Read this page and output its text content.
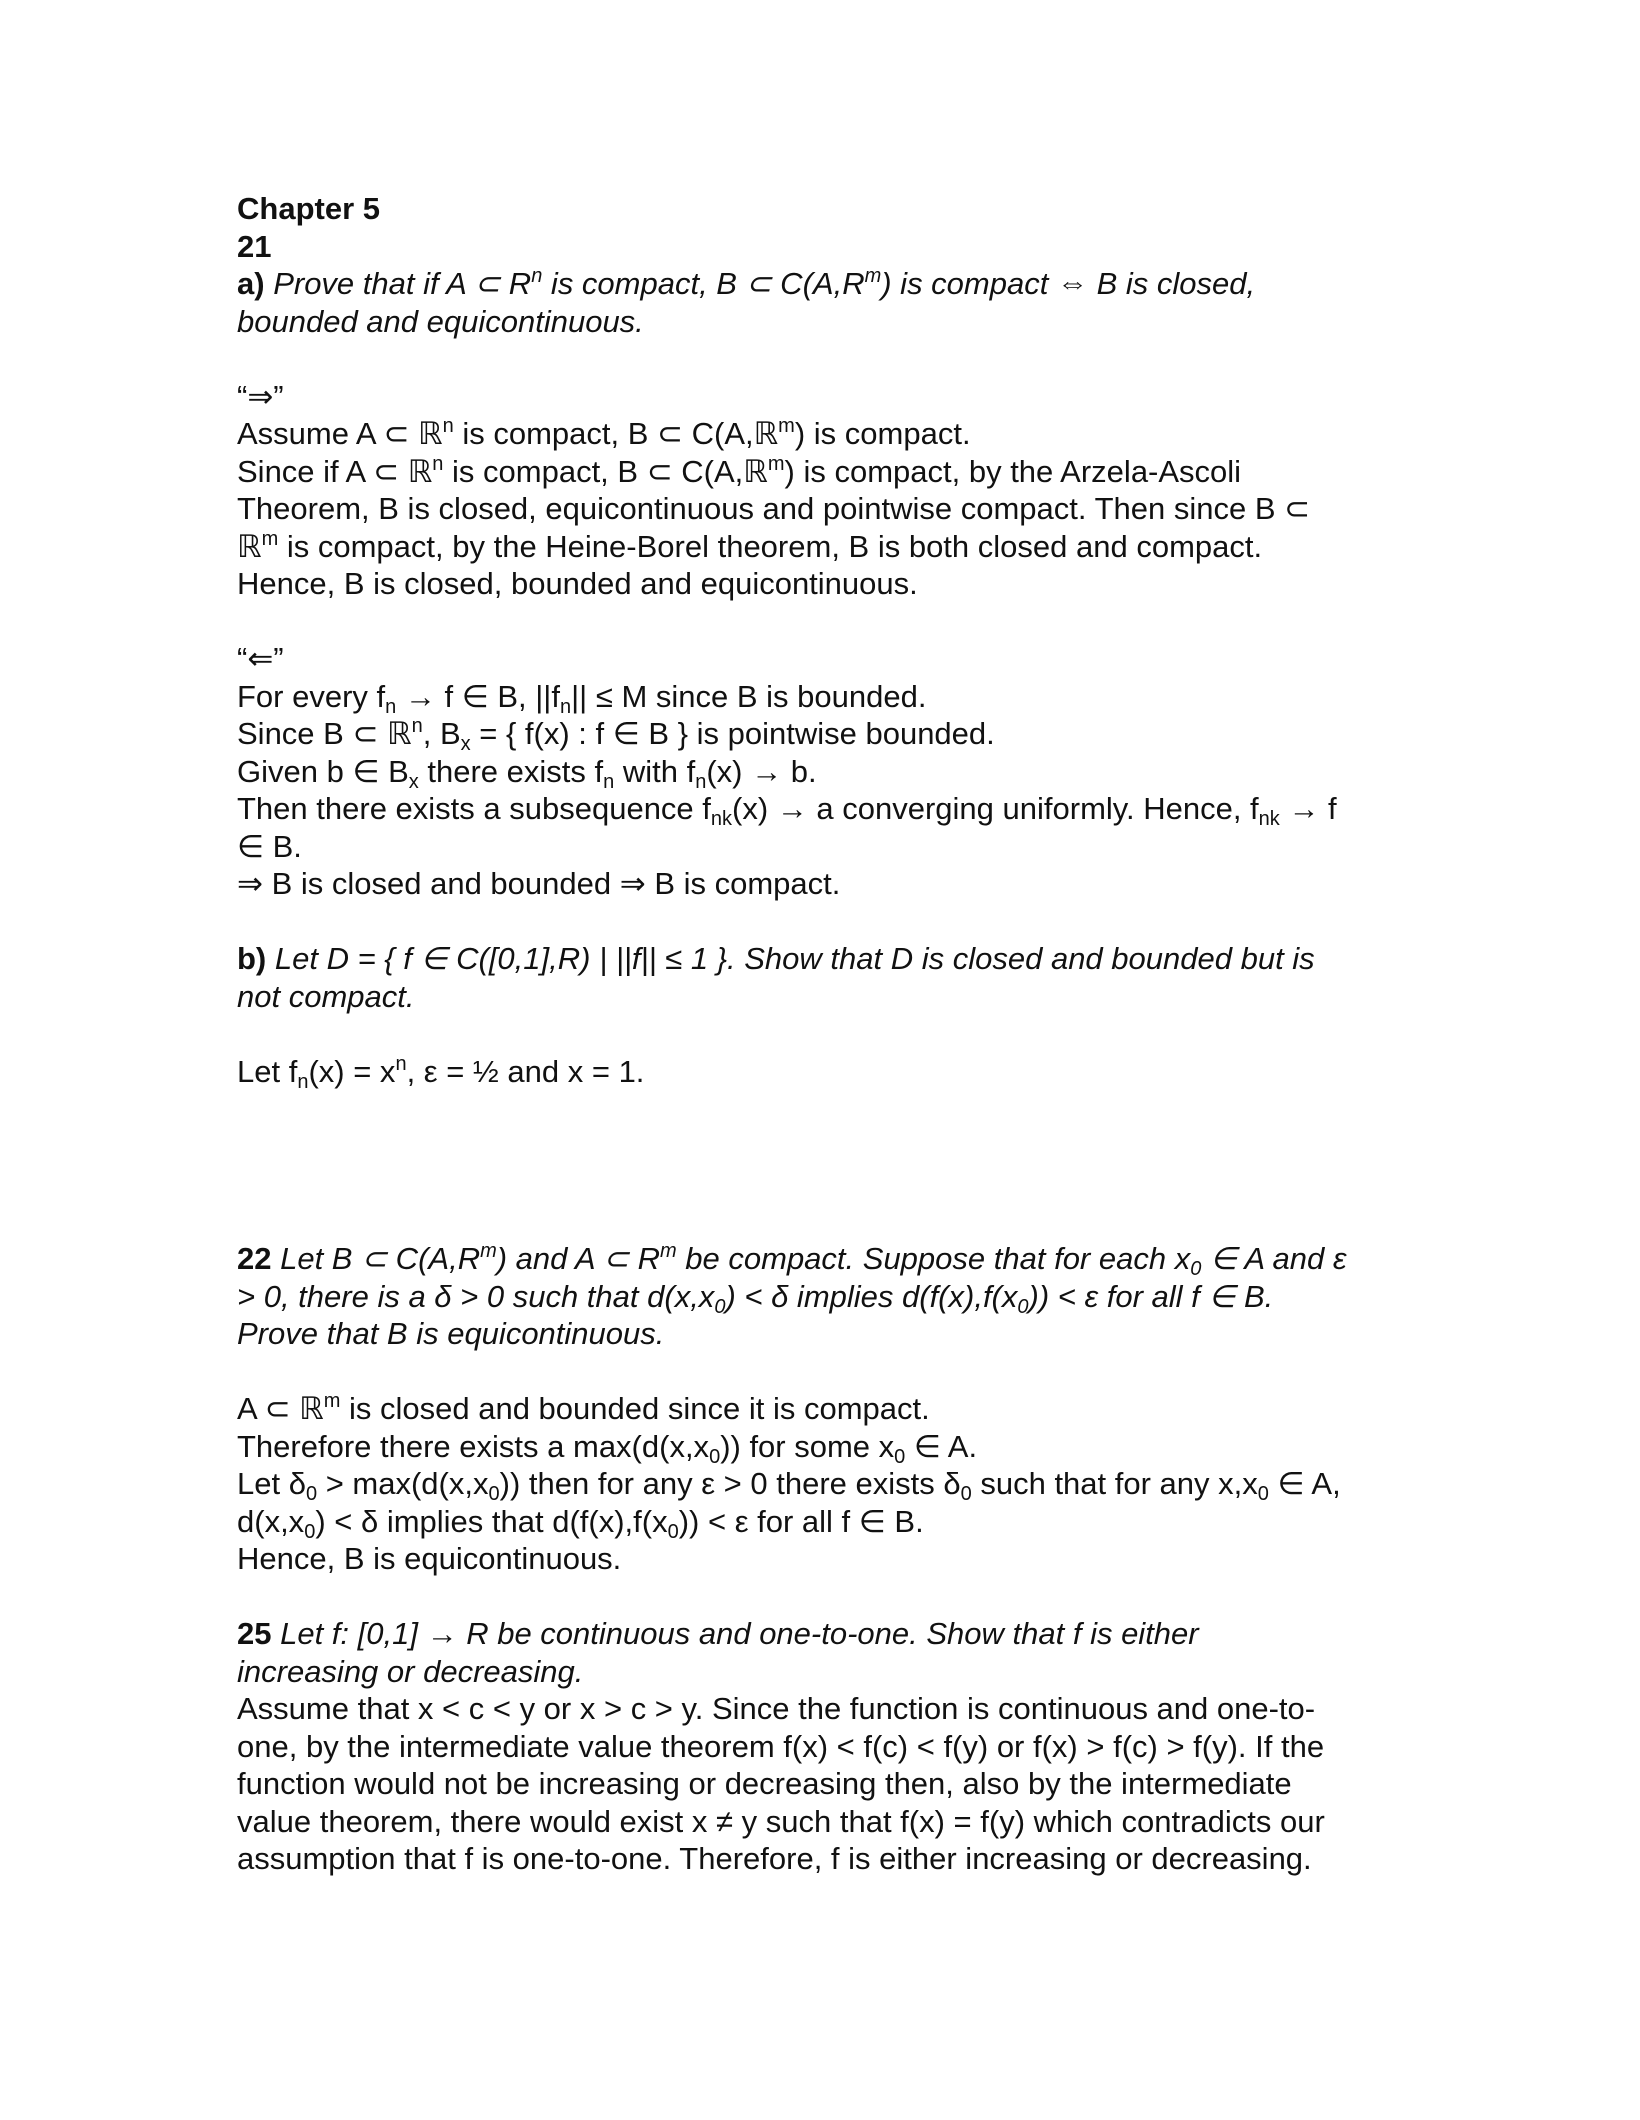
Chapter 5
21
a) Prove that if A ⊂ $R^n$ is compact, B ⊂ $C(A,R^m)$ is compact ⇔ B is closed,
bounded and equicontinuous.
“⇒”
Assume A ⊂ ℝ$^n$ is compact, B ⊂ C(A,ℝ$^m$) is compact.
Since if A ⊂ ℝ$^n$ is compact, B ⊂ C(A,ℝ$^m$) is compact, by the Arzela-Ascoli
Theorem, B is closed, equicontinuous and pointwise compact. Then since B ⊂
ℝ$^m$ is compact, by the Heine-Borel theorem, B is both closed and compact.
Hence, B is closed, bounded and equicontinuous.
“⇐”
For every $f_n \to f$ ∈ B, $||f_n|| \le M$ since B is bounded.
Since B ⊂ ℝ$^n$, $B_x$ = { f(x) : f ∈ B } is pointwise bounded.
Given b ∈ $B_x$ there exists $f_n$ with $f_n(x) \to b$.
Then there exists a subsequence $f_{nk}(x) \to a$ converging uniformly. Hence, $f_{nk} \to f$
∈ B.
⇒ B is closed and bounded ⇒ B is compact.
b) Let D = { f ∈ C([0,1],R) | ||f|| ≤ 1 }. Show that D is closed and bounded but is
not compact.
Let $f_n(x) = x^n$, ε = ½ and x = 1.
22 Let B ⊂ $C(A,R^m)$ and A ⊂ $R^m$ be compact. Suppose that for each $x_0$ ∈ A and ε
> 0, there is a δ > 0 such that $d(x,x_0) < \delta$ implies $d(f(x),f(x_0)) < \varepsilon$ for all f ∈ B.
Prove that B is equicontinuous.
A ⊂ ℝ$^m$ is closed and bounded since it is compact.
Therefore there exists a $\max(d(x,x_0))$ for some $x_0$ ∈ A.
Let $\delta_0 > \max(d(x,x_0))$ then for any ε > 0 there exists $\delta_0$ such that for any $x,x_0$ ∈ A,
$d(x,x_0) < \delta$ implies that $d(f(x),f(x_0)) < \varepsilon$ for all f ∈ B.
Hence, B is equicontinuous.
25 Let f: [0,1] → R be continuous and one-to-one. Show that f is either
increasing or decreasing.
Assume that x < c < y or x > c > y. Since the function is continuous and one-to-
one, by the intermediate value theorem f(x) < f(c) < f(y) or f(x) > f(c) > f(y). If the
function would not be increasing or decreasing then, also by the intermediate
value theorem, there would exist x ≠ y such that f(x) = f(y) which contradicts our
assumption that f is one-to-one. Therefore, f is either increasing or decreasing.
